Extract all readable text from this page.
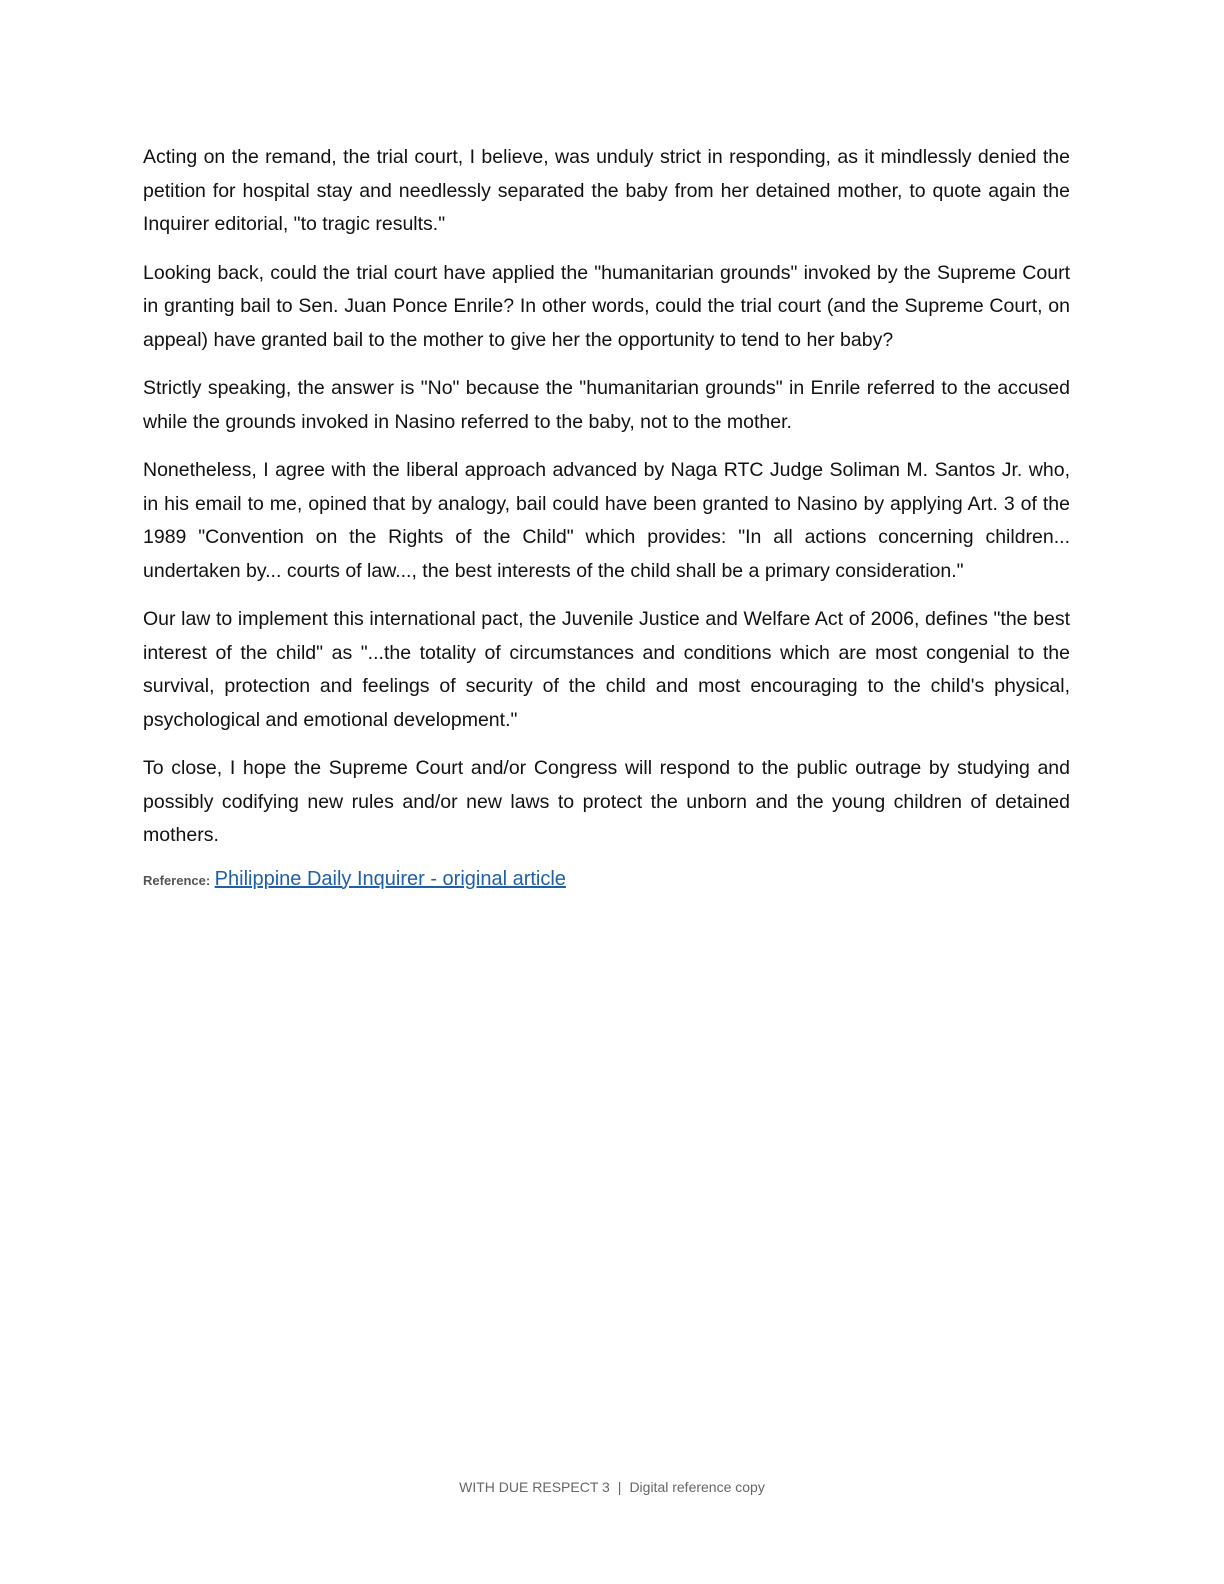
Acting on the remand, the trial court, I believe, was unduly strict in responding, as it mindlessly denied the petition for hospital stay and needlessly separated the baby from her detained mother, to quote again the Inquirer editorial, "to tragic results."

Looking back, could the trial court have applied the "humanitarian grounds" invoked by the Supreme Court in granting bail to Sen. Juan Ponce Enrile? In other words, could the trial court (and the Supreme Court, on appeal) have granted bail to the mother to give her the opportunity to tend to her baby?

Strictly speaking, the answer is "No" because the "humanitarian grounds" in Enrile referred to the accused while the grounds invoked in Nasino referred to the baby, not to the mother.

Nonetheless, I agree with the liberal approach advanced by Naga RTC Judge Soliman M. Santos Jr. who, in his email to me, opined that by analogy, bail could have been granted to Nasino by applying Art. 3 of the 1989 "Convention on the Rights of the Child" which provides: "In all actions concerning children... undertaken by... courts of law..., the best interests of the child shall be a primary consideration."

Our law to implement this international pact, the Juvenile Justice and Welfare Act of 2006, defines "the best interest of the child" as "...the totality of circumstances and conditions which are most congenial to the survival, protection and feelings of security of the child and most encouraging to the child's physical, psychological and emotional development."

To close, I hope the Supreme Court and/or Congress will respond to the public outrage by studying and possibly codifying new rules and/or new laws to protect the unborn and the young children of detained mothers.

Reference: Philippine Daily Inquirer - original article
WITH DUE RESPECT 3 | Digital reference copy
